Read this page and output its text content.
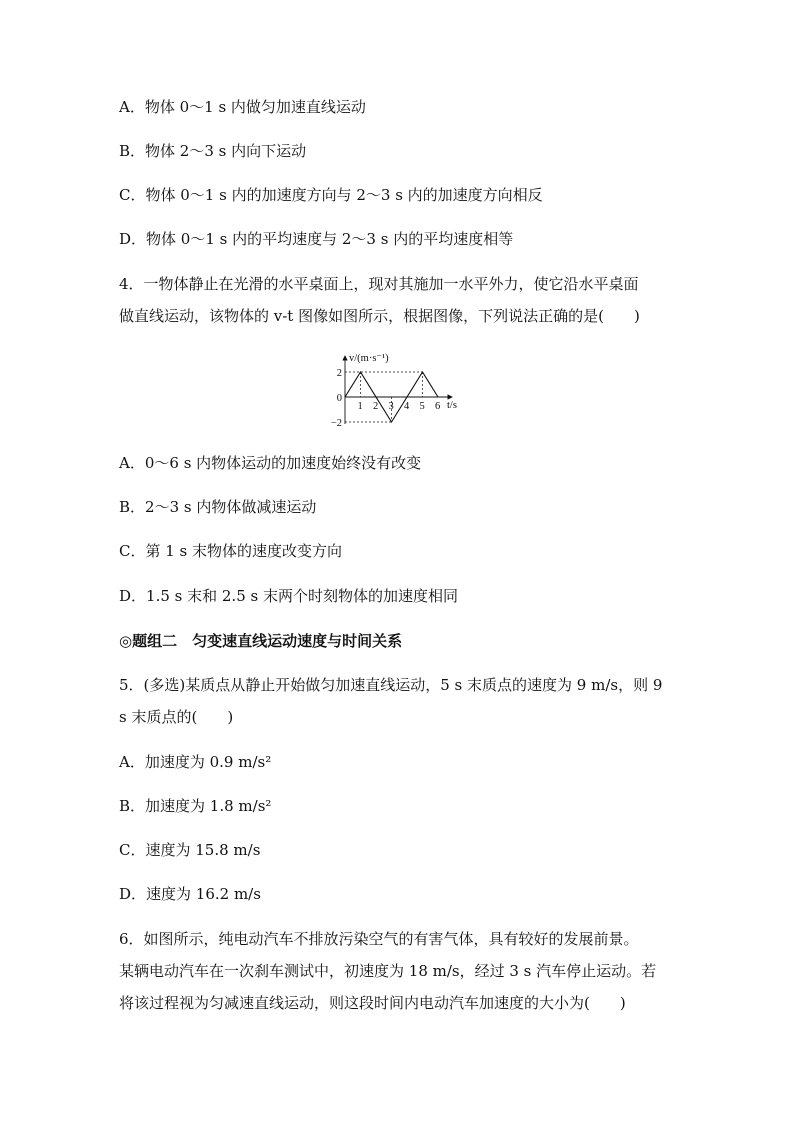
A．物体 0～1 s 内做匀加速直线运动
B．物体 2～3 s 内向下运动
C．物体 0～1 s 内的加速度方向与 2～3 s 内的加速度方向相反
D．物体 0～1 s 内的平均速度与 2～3 s 内的平均速度相等
4．一物体静止在光滑的水平桌面上，现对其施加一水平外力，使它沿水平桌面
做直线运动，该物体的 v-t 图像如图所示，根据图像，下列说法正确的是(　　)
1 2 3 4 5 6
2
0
−2
v/(m·s⁻¹)
t/s
A．0～6 s 内物体运动的加速度始终没有改变
B．2～3 s 内物体做减速运动
C．第 1 s 末物体的速度改变方向
D．1.5 s 末和 2.5 s 末两个时刻物体的加速度相同
◎题组二　匀变速直线运动速度与时间关系
5．(多选)某质点从静止开始做匀加速直线运动，5 s 末质点的速度为 9 m/s，则 9
s 末质点的(　　)
A．加速度为 0.9 m/s²
B．加速度为 1.8 m/s²
C．速度为 15.8 m/s
D．速度为 16.2 m/s
6．如图所示，纯电动汽车不排放污染空气的有害气体，具有较好的发展前景。
某辆电动汽车在一次刹车测试中，初速度为 18 m/s，经过 3 s 汽车停止运动。若
将该过程视为匀减速直线运动，则这段时间内电动汽车加速度的大小为(　　)
